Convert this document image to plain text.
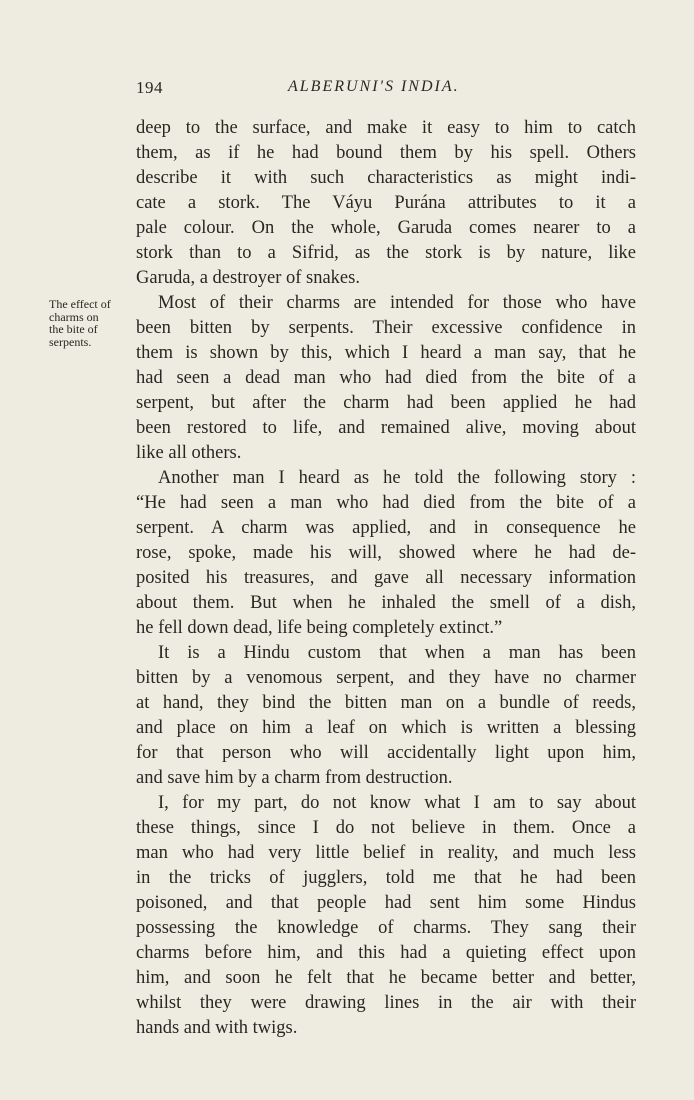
194	ALBERUNI'S INDIA.
The effect of
charms on
the bite of
serpents.
deep to the surface, and make it easy to him to catch
them, as if he had bound them by his spell. Others
describe it with such characteristics as might indi-
cate a stork. The Váyu Purána attributes to it a
pale colour. On the whole, Garuda comes nearer to a
stork than to a Sifrid, as the stork is by nature, like
Garuda, a destroyer of snakes.
Most of their charms are intended for those who have
been bitten by serpents. Their excessive confidence in
them is shown by this, which I heard a man say, that he
had seen a dead man who had died from the bite of a
serpent, but after the charm had been applied he had
been restored to life, and remained alive, moving about
like all others.
Another man I heard as he told the following story :
“He had seen a man who had died from the bite of a
serpent. A charm was applied, and in consequence he
rose, spoke, made his will, showed where he had de-
posited his treasures, and gave all necessary information
about them. But when he inhaled the smell of a dish,
he fell down dead, life being completely extinct.”
It is a Hindu custom that when a man has been
bitten by a venomous serpent, and they have no charmer
at hand, they bind the bitten man on a bundle of reeds,
and place on him a leaf on which is written a blessing
for that person who will accidentally light upon him,
and save him by a charm from destruction.
I, for my part, do not know what I am to say about
these things, since I do not believe in them. Once a
man who had very little belief in reality, and much less
in the tricks of jugglers, told me that he had been
poisoned, and that people had sent him some Hindus
possessing the knowledge of charms. They sang their
charms before him, and this had a quieting effect upon
him, and soon he felt that he became better and better,
whilst they were drawing lines in the air with their
hands and with twigs.
